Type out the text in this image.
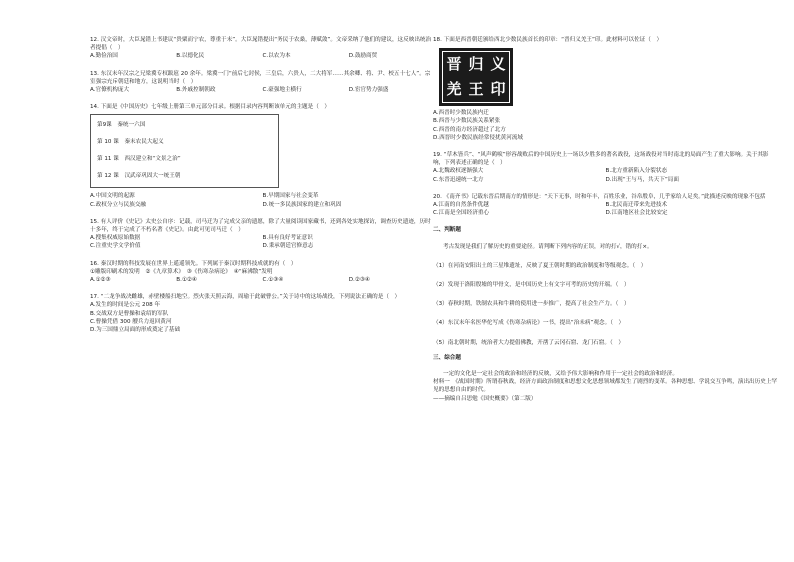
12. 汉文帝时，大臣晁错上书建议“贵粟而宁农，尊重于末”。大臣晁错提出“务民于农桑，薄赋敛”。文帝采纳了他们的建议，这反映出统治者提倡（　）

A.勤俭治国	B.以德化民	C.以农为本	D.鼓励商贸

13. 东汉末年汉宗之兄梁冀专权跋扈 20 余年。梁冀一门“前后七封侯，三皇后，六贵人，二大将军……其余卿、将、尹、校五十七人”。宗室强宗充斥朝廷和地方，这说明当时（　）

A.官僚机构庞大	B.外戚控制朝政	C.豪强地主横行	D.宦官势力强盛

14. 下面是《中国历史》七年级上册第三单元部分目录。根据目录内容判断该单元的主题是（　）

第9课　秦统一六国
第 10 课　秦末农民大起义
第 11 课　西汉建立和“文景之治”
第 12 课　汉武帝巩固大一统王朝
A.中国文明的起源	B.早期国家与社会变革
C.政权分立与民族交融	D.统一多民族国家的建立和巩固

15. 有人评价《史记》太史公自序：记载，司马迁为了完成父亲的遗愿，除了大量阅读国家藏书，还到各处实地探访，调查历史遗迹，历时十多年，终于完成了不朽名著《史记》。由此可见司马迁（　）

A.搜集权威原始数据	B.具有良好考证意识
C.注重史学文学价值	D.秉承朝廷官修意志

16. 秦汉时期的科技发展在世界上遥遥领先。下列属于秦汉时期科技成就的有（　）

①雕版印刷术的发明　②《九章算术》　③《伤寒杂病论》　④“麻沸散”发明

A.①②③	B.①②④	C.①③④	D.②③④

17. “二龙争战决雌雄，赤壁楼船扫地空。烈火张天照云海，周瑜于此破曹公。”关于诗中的这场战役，下列说法正确的是（　）

A.发生的时间是公元 208 年
B.交战双方是曹操和袁绍的军队
C.曹操凭借 300 艘兵力返回黄河
D.为三国鼎立局面的形成奠定了基础

18. 下面是西晋朝廷颁给西北少数民族首长的印章：“晋归义羌王”印。此材料可以佐证（　）

晋 归 义
羌 王 印
A.西晋时少数民族内迁
B.西晋与少数民族关系紧张
C.西晋的南方经济超过了北方
D.西晋时少数民族经常侵扰黄河流域

19. “草木皆兵”、“风声鹤唳”形容战败后的中国历史上一场以少胜多的著名战役，这场战役对当时南北的局面产生了重大影响。关于其影响，下列表述正确的是（　）

A.北魏政权逐渐强大	B.北方重新陷入分裂状态
C.东晋迅速统一北方	D.出现“王与马，共天下”局面

20. 《南齐书》记载东晋后期南方的情形是：“天下无事，时和年丰，百姓乐业，谷帛殷阜，几乎家给人足矣。”此描述反映的现象不包括

A.江南的自然条件优越	B.北民南迁带来先进技术
C.江南是全国经济重心	D.江南地区社会比较安定
二、判断题

考古发现是我们了解历史的重要途径。请判断下列内容的正误，对的打√，错的打×。

（1）在河南安阳出土的三星堆遗址，反映了夏王朝时期的政治制度和等级观念。（　）

（2）发现于洛阳殷墟的甲骨文，是中国历史上有文字可考的历史的开端。（　）

（3）春秋时期，铁制农具和牛耕的使用进一步推广，提高了社会生产力。（　）

（4）东汉末年名医华佗写成《伤寒杂病论》一书，提出“治未病”观念。（　）

（5）南北朝时期，统治者大力提倡佛教，开凿了云冈石窟、龙门石窟。（　）

三、综合题

一定的文化是一定社会的政治和经济的反映，又给予伟大影响和作用于一定社会的政治和经济。

材料一　《战国时期》所谓春秋战，经济方面政治制度和思想文化思想领域都发生了剧烈的变革。各种思想、学说交互争鸣，演出出历史上罕见的思想自由的时代。

——摘编自吕思勉《国史概要》（第二版）
